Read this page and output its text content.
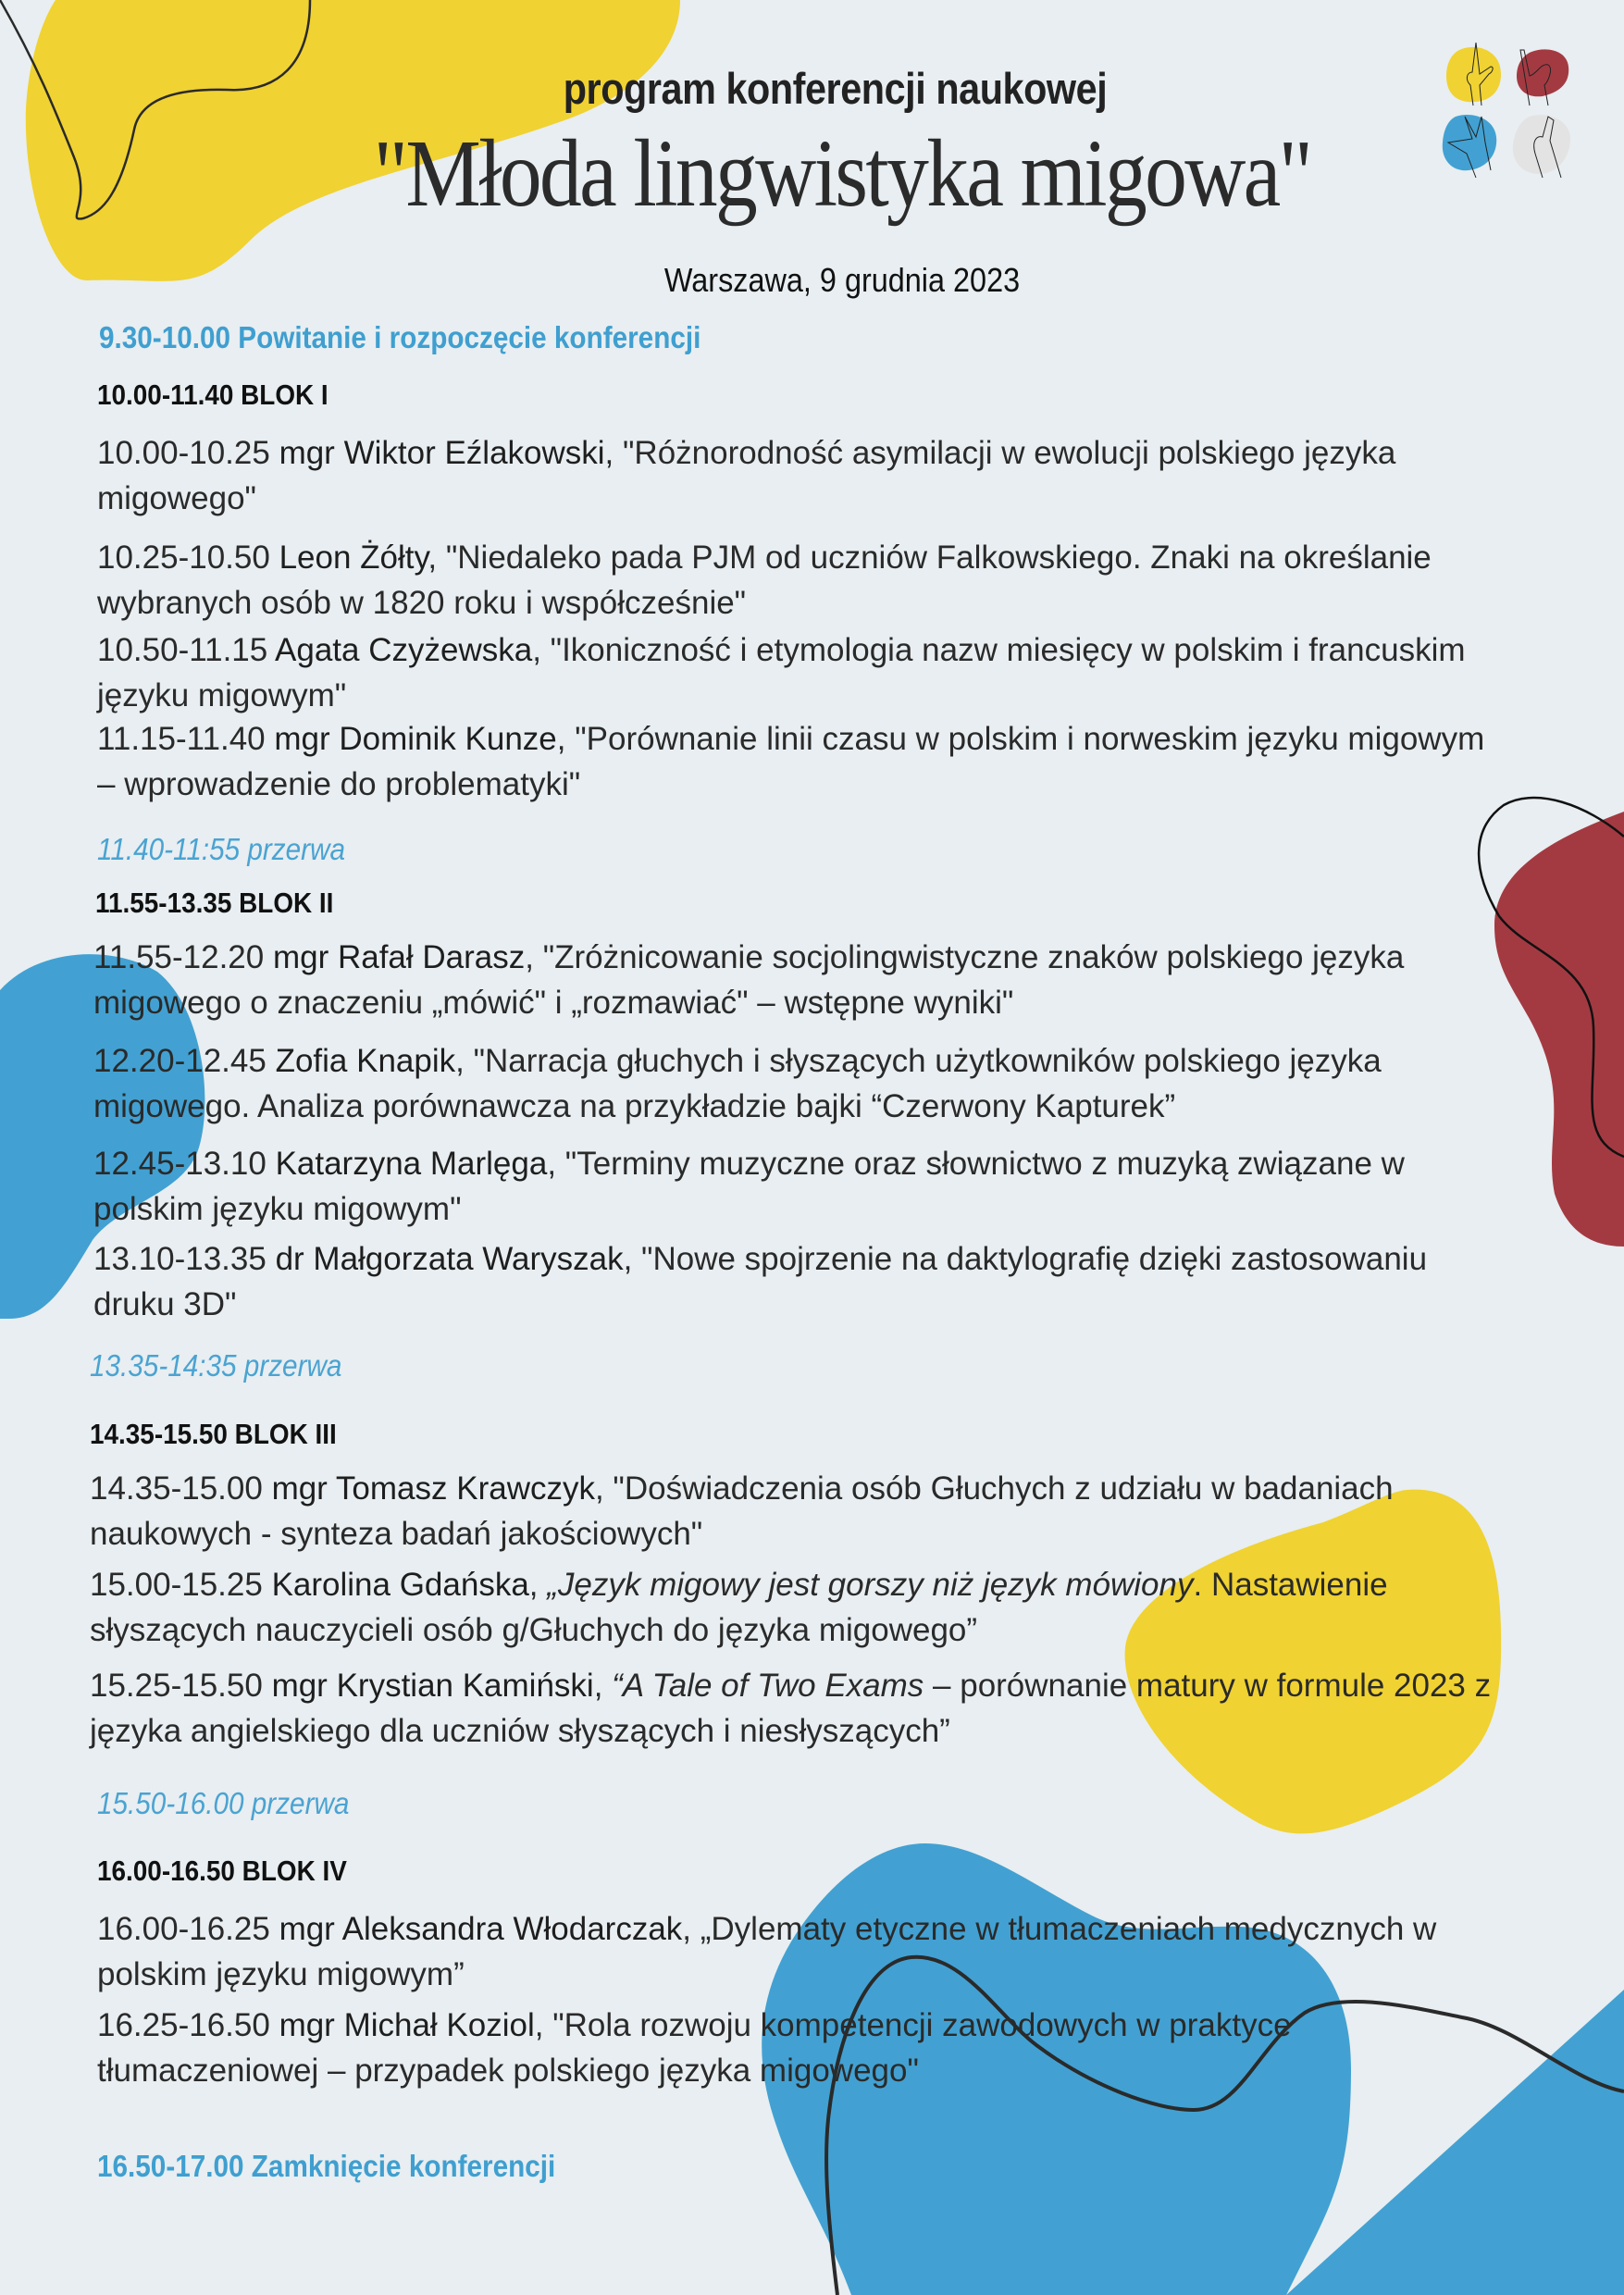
program konferencji naukowej
"Młoda lingwistyka migowa"
Warszawa, 9 grudnia 2023
9.30-10.00 Powitanie i rozpoczęcie konferencji
10.00-11.40 BLOK I
10.00-10.25 mgr Wiktor Eźlakowski, "Różnorodność asymilacji w ewolucji polskiego języka
migowego"
10.25-10.50 Leon Żółty, "Niedaleko pada PJM od uczniów Falkowskiego. Znaki na określanie
wybranych osób w 1820 roku i współcześnie"
10.50-11.15 Agata Czyżewska, "Ikoniczność i etymologia nazw miesięcy w polskim i francuskim
języku migowym"
11.15-11.40 mgr Dominik Kunze, "Porównanie linii czasu w polskim i norweskim języku migowym
– wprowadzenie do problematyki"
11.40-11:55 przerwa
11.55-13.35 BLOK II
11.55-12.20 mgr Rafał Darasz, "Zróżnicowanie socjolingwistyczne znaków polskiego języka
migowego o znaczeniu „mówić" i „rozmawiać" – wstępne wyniki"
12.20-12.45 Zofia Knapik, "Narracja głuchych i słyszących użytkowników polskiego języka
migowego. Analiza porównawcza na przykładzie bajki “Czerwony Kapturek”
12.45-13.10 Katarzyna Marlęga, "Terminy muzyczne oraz słownictwo z muzyką związane w
polskim języku migowym"
13.10-13.35 dr Małgorzata Waryszak, "Nowe spojrzenie na daktylografię dzięki zastosowaniu
druku 3D"
13.35-14:35 przerwa
14.35-15.50 BLOK III
14.35-15.00 mgr Tomasz Krawczyk, "Doświadczenia osób Głuchych z udziału w badaniach
naukowych - synteza badań jakościowych"
15.00-15.25 Karolina Gdańska, „Język migowy jest gorszy niż język mówiony. Nastawienie
słyszących nauczycieli osób g/Głuchych do języka migowego”
15.25-15.50 mgr Krystian Kamiński, “A Tale of Two Exams – porównanie matury w formule 2023 z
języka angielskiego dla uczniów słyszących i niesłyszących”
15.50-16.00 przerwa
16.00-16.50 BLOK IV
16.00-16.25 mgr Aleksandra Włodarczak, „Dylematy etyczne w tłumaczeniach medycznych w
polskim języku migowym”
16.25-16.50 mgr Michał Koziol, "Rola rozwoju kompetencji zawodowych w praktyce
tłumaczeniowej – przypadek polskiego języka migowego"
16.50-17.00 Zamknięcie konferencji
